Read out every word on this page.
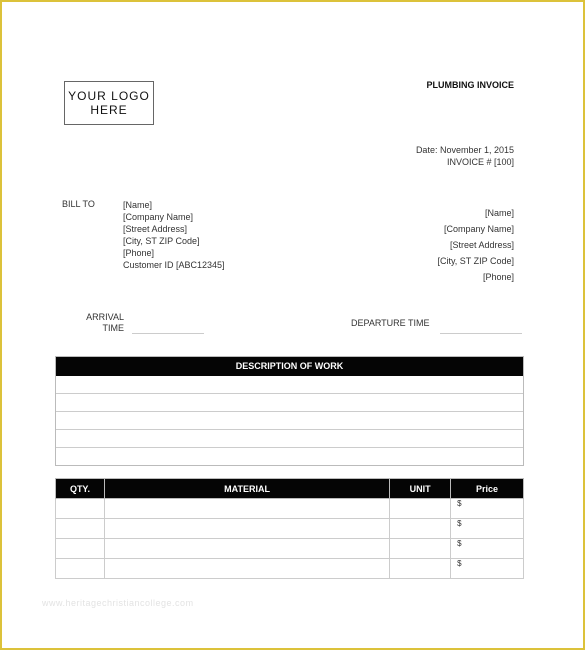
YOUR LOGO
HERE
PLUMBING INVOICE
Date: November 1, 2015
INVOICE # [100]
BILL TO	[Name]
[Company Name]
[Street Address]
[City, ST ZIP Code]
[Phone]
Customer ID [ABC12345]
[Name]
[Company Name]
[Street Address]
[City, ST ZIP Code]
[Phone]
ARRIVAL
TIME	DEPARTURE TIME
DESCRIPTION OF WORK
QTY.	MATERIAL	UNIT	Price
			$
			$
			$
			$
www.heritagechristiancollege.com
